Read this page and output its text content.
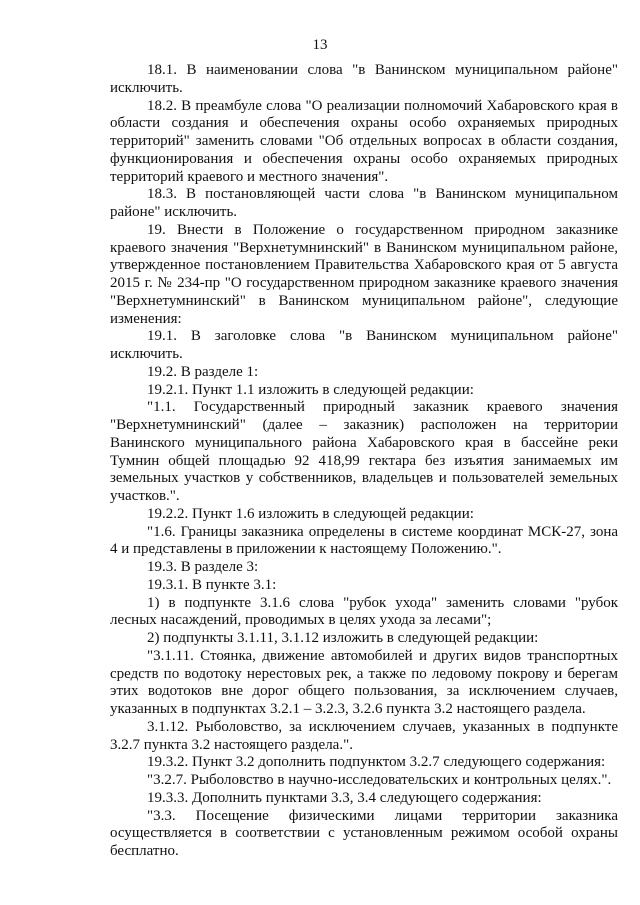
13

18.1. В наименовании слова "в Ванинском муниципальном районе" исключить.

18.2. В преамбуле слова "О реализации полномочий Хабаровского края в области создания и обеспечения охраны особо охраняемых природных территорий" заменить словами "Об отдельных вопросах в области создания, функционирования и обеспечения охраны особо охраняемых природных территорий краевого и местного значения".

18.3. В постановляющей части слова "в Ванинском муниципальном районе" исключить.

19. Внести в Положение о государственном природном заказнике краевого значения "Верхнетумнинский" в Ванинском муниципальном районе, утвержденное постановлением Правительства Хабаровского края от 5 августа 2015 г. № 234-пр "О государственном природном заказнике краевого значения "Верхнетумнинский" в Ванинском муниципальном районе", следующие изменения:

19.1. В заголовке слова "в Ванинском муниципальном районе" исключить.

19.2. В разделе 1:

19.2.1. Пункт 1.1 изложить в следующей редакции:

"1.1. Государственный природный заказник краевого значения "Верхнетумнинский" (далее – заказник) расположен на территории Ванинского муниципального района Хабаровского края в бассейне реки Тумнин общей площадью 92 418,99 гектара без изъятия занимаемых им земельных участков у собственников, владельцев и пользователей земельных участков.".

19.2.2. Пункт 1.6 изложить в следующей редакции:

"1.6. Границы заказника определены в системе координат МСК-27, зона 4 и представлены в приложении к настоящему Положению.".

19.3. В разделе 3:

19.3.1. В пункте 3.1:

1) в подпункте 3.1.6 слова "рубок ухода" заменить словами "рубок лесных насаждений, проводимых в целях ухода за лесами";

2) подпункты 3.1.11, 3.1.12 изложить в следующей редакции:

"3.1.11. Стоянка, движение автомобилей и других видов транспортных средств по водотоку нерестовых рек, а также по ледовому покрову и берегам этих водотоков вне дорог общего пользования, за исключением случаев, указанных в подпунктах 3.2.1 – 3.2.3, 3.2.6 пункта 3.2 настоящего раздела.

3.1.12. Рыболовство, за исключением случаев, указанных в подпункте 3.2.7 пункта 3.2 настоящего раздела.".

19.3.2. Пункт 3.2 дополнить подпунктом 3.2.7 следующего содержания:

"3.2.7. Рыболовство в научно-исследовательских и контрольных целях.".

19.3.3. Дополнить пунктами 3.3, 3.4 следующего содержания:

"3.3. Посещение физическими лицами территории заказника осуществляется в соответствии с установленным режимом особой охраны бесплатно.
